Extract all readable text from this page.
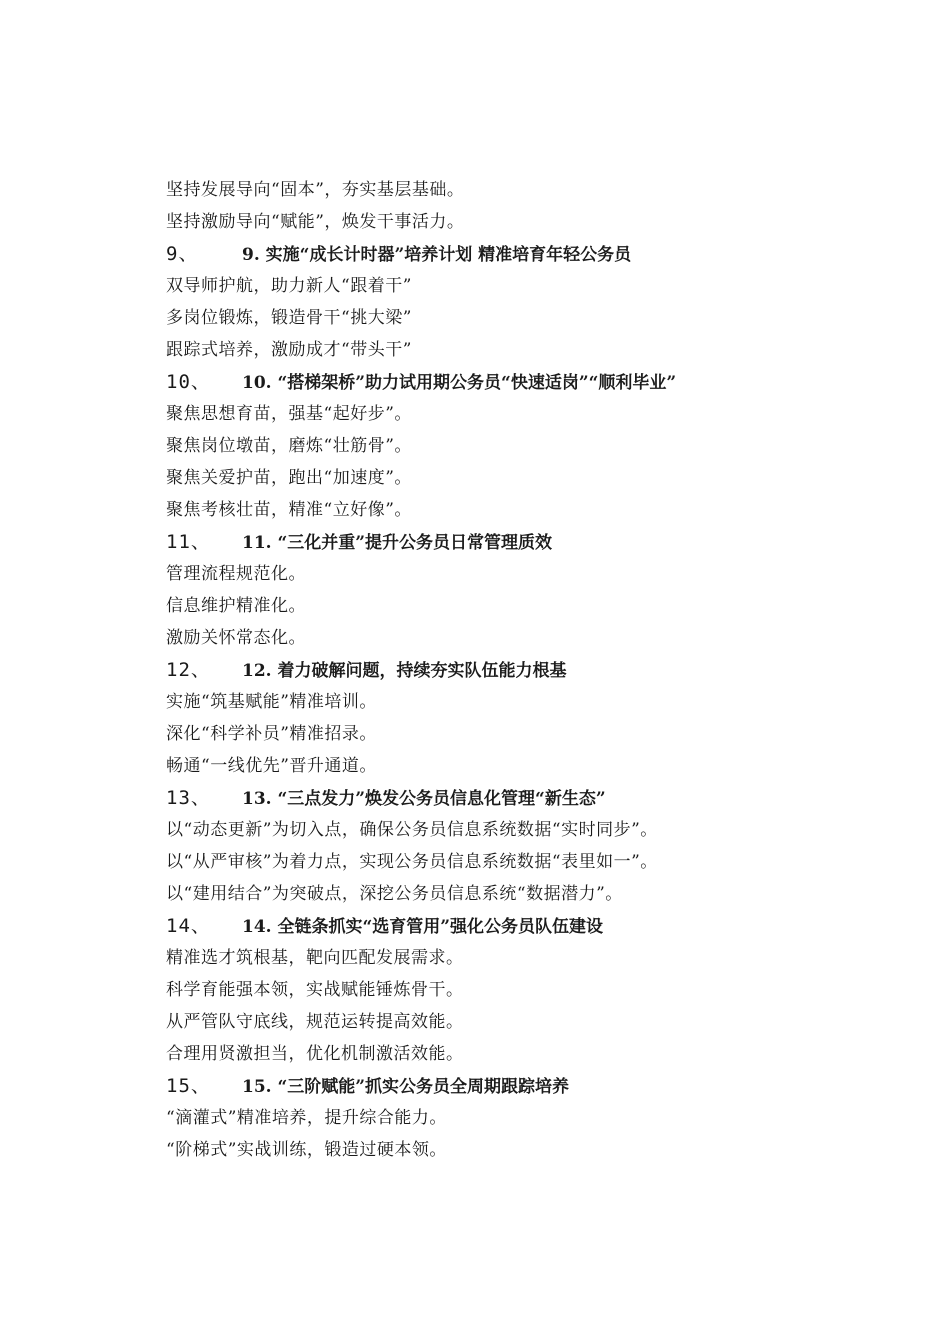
坚持发展导向“固本”，夯实基层基础。
坚持激励导向“赋能”，焕发干事活力。
9、	9. 实施“成长计时器”培养计划 精准培育年轻公务员
双导师护航，助力新人“跟着干”
多岗位锻炼，锻造骨干“挑大梁”
跟踪式培养，激励成才“带头干”
10、 10. “搭梯架桥”助力试用期公务员“快速适岗”“顺利毕业”
聚焦思想育苗，强基“起好步”。
聚焦岗位墩苗，磨炼“壮筋骨”。
聚焦关爱护苗，跑出“加速度”。
聚焦考核壮苗，精准“立好像”。
11、 11. “三化并重”提升公务员日常管理质效
管理流程规范化。
信息维护精准化。
激励关怀常态化。
12、 12. 着力破解问题，持续夯实队伍能力根基
实施“筑基赋能”精准培训。
深化“科学补员”精准招录。
畅通“一线优先”晋升通道。
13、 13. “三点发力”焕发公务员信息化管理“新生态”
以“动态更新”为切入点，确保公务员信息系统数据“实时同步”。
以“从严审核”为着力点，实现公务员信息系统数据“表里如一”。
以“建用结合”为突破点，深挖公务员信息系统“数据潜力”。
14、 14. 全链条抓实“选育管用”强化公务员队伍建设
精准选才筑根基，靶向匹配发展需求。
科学育能强本领，实战赋能锤炼骨干。
从严管队守底线，规范运转提高效能。
合理用贤激担当，优化机制激活效能。
15、 15. “三阶赋能”抓实公务员全周期跟踪培养
“滴灌式”精准培养，提升综合能力。
“阶梯式”实战训练，锻造过硬本领。
